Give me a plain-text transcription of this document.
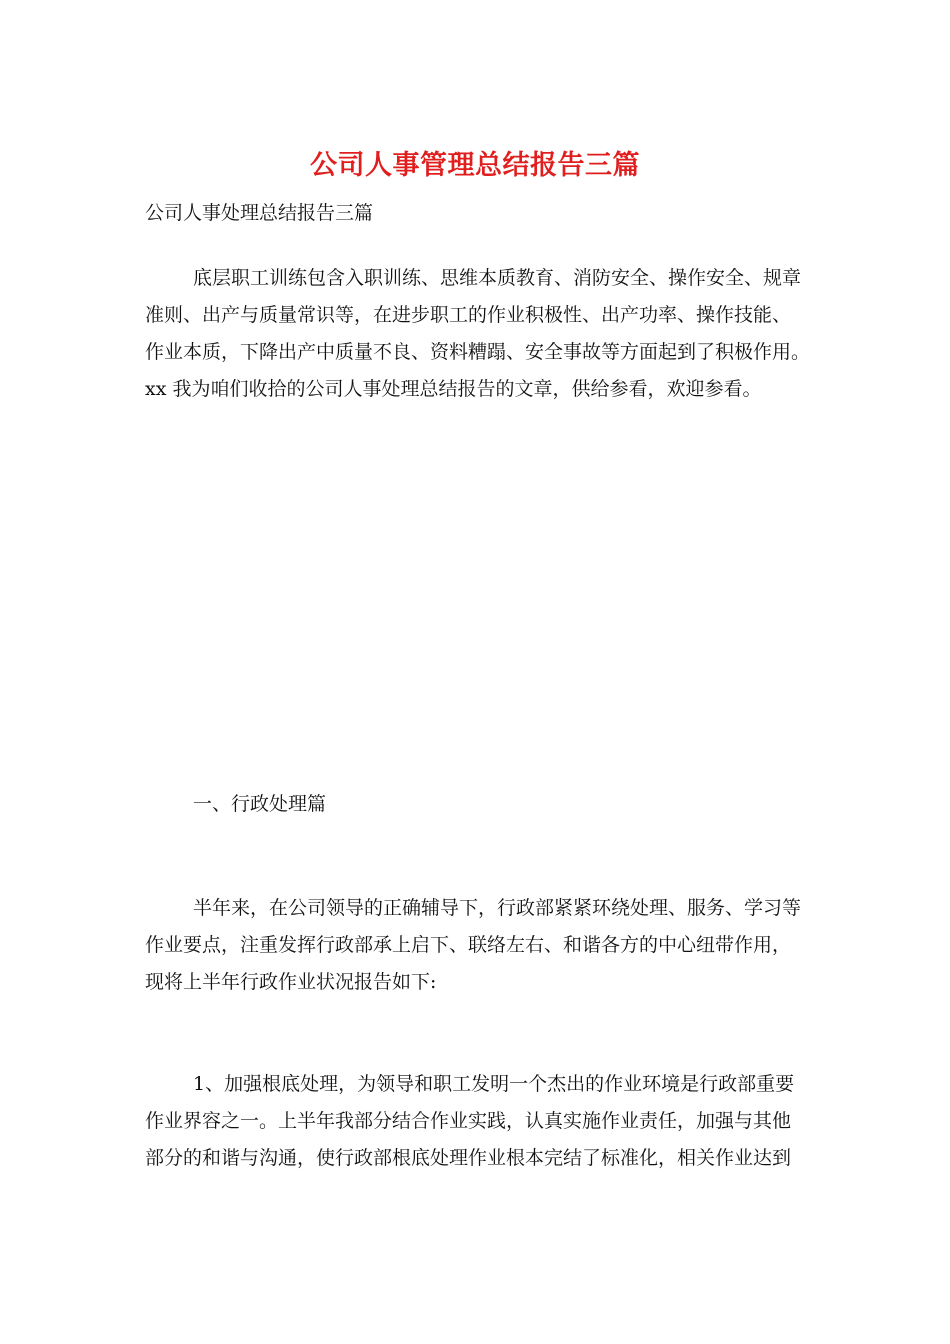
公司人事管理总结报告三篇
公司人事处理总结报告三篇

底层职工训练包含入职训练、思维本质教育、消防安全、操作安全、规章
准则、出产与质量常识等，在进步职工的作业积极性、出产功率、操作技能、
作业本质，下降出产中质量不良、资料糟蹋、安全事故等方面起到了积极作用。
xx 我为咱们收拾的公司人事处理总结报告的文章，供给参看，欢迎参看。

一、行政处理篇

半年来，在公司领导的正确辅导下，行政部紧紧环绕处理、服务、学习等
作业要点，注重发挥行政部承上启下、联络左右、和谐各方的中心纽带作用，
现将上半年行政作业状况报告如下:

1、加强根底处理，为领导和职工发明一个杰出的作业环境是行政部重要
作业界容之一。上半年我部分结合作业实践，认真实施作业责任，加强与其他
部分的和谐与沟通，使行政部根底处理作业根本完结了标准化，相关作业达到
